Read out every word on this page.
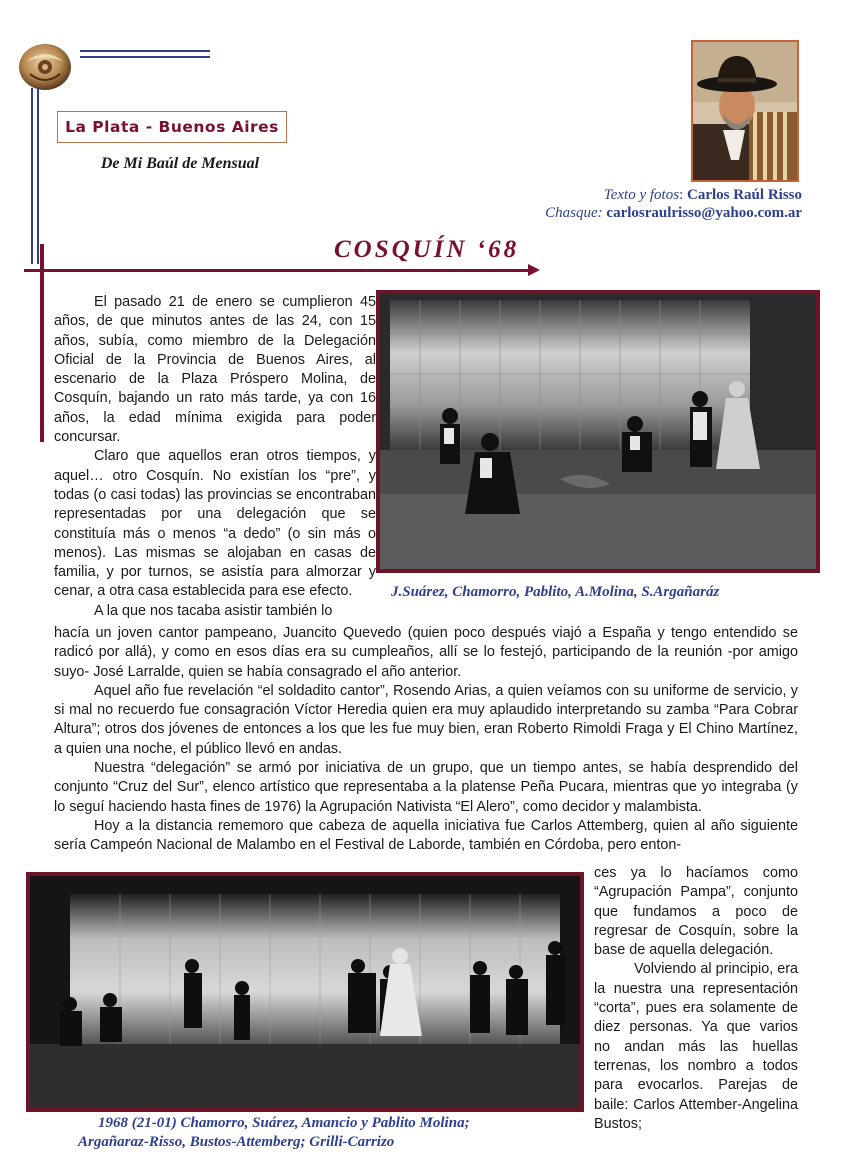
La Plata - Buenos Aires
De Mi Baúl de Mensual
Texto y fotos: Carlos Raúl Risso
Chasque: carlosraulrisso@yahoo.com.ar
COSQUÍN ‘68
J.Suárez, Chamorro, Pablito, A.Molina, S.Argañaráz

El pasado 21 de enero se cumplieron 45 años, de que minutos antes de las 24, con 15 años, subía, como miembro de la Delegación Oficial de la Provincia de Buenos Aires, al escenario de la Plaza Próspero Molina, de Cosquín, bajando un rato más tarde, ya con 16 años, la edad mínima exigida para poder concursar.

Claro que aquellos eran otros tiempos, y aquel… otro Cosquín. No existían los “pre”, y todas (o casi todas) las provincias se encontraban representadas por una delegación que se constituía más o menos “a dedo” (o sin más o menos). Las mismas se alojaban en casas de familia, y por turnos, se asistía para almorzar y cenar, a otra casa establecida para ese efecto.

A la que nos tacaba asistir también lo

hacía un joven cantor pampeano, Juancito Quevedo (quien poco después viajó a España y tengo entendido se radicó por allá), y como en esos días era su cumpleaños, allí se lo festejó, participando de la reunión -por amigo suyo- José Larralde, quien se había consagrado el año anterior.

Aquel año fue revelación “el soldadito cantor”, Rosendo Arias, a quien veíamos con su uniforme de servicio, y si mal no recuerdo fue consagración Víctor Heredia quien era muy aplaudido interpretando su zamba “Para Cobrar Altura”; otros dos jóvenes de entonces a los que les fue muy bien, eran Roberto Rimoldi Fraga y El Chino Martínez, a quien una noche, el público llevó en andas.

Nuestra “delegación” se armó por iniciativa de un grupo, que un tiempo antes, se había desprendido del conjunto “Cruz del Sur”, elenco artístico que representaba a la platense Peña Pucara, mientras que yo integraba (y lo seguí haciendo hasta fines de 1976) la Agrupación Nativista “El Alero”, como decidor y malambista.

Hoy a la distancia rememoro que cabeza de aquella iniciativa fue Carlos Attemberg, quien al año siguiente sería Campeón Nacional de Malambo en el Festival de Laborde, también en Córdoba, pero enton-

1968 (21-01) Chamorro, Suárez, Amancio y Pablito Molina;
Argañaraz-Risso, Bustos-Attemberg; Grilli-Carrizo

ces ya lo hacíamos como “Agrupación Pampa”, conjunto que fundamos a poco de regresar de Cosquín, sobre la base de aquella delegación.

Volviendo al principio, era la nuestra una representación “corta”, pues era solamente de diez personas. Ya que varios no andan más las huellas terrenas, los nombro a todos para evocarlos. Parejas de baile: Carlos Attember-Angelina Bustos;
